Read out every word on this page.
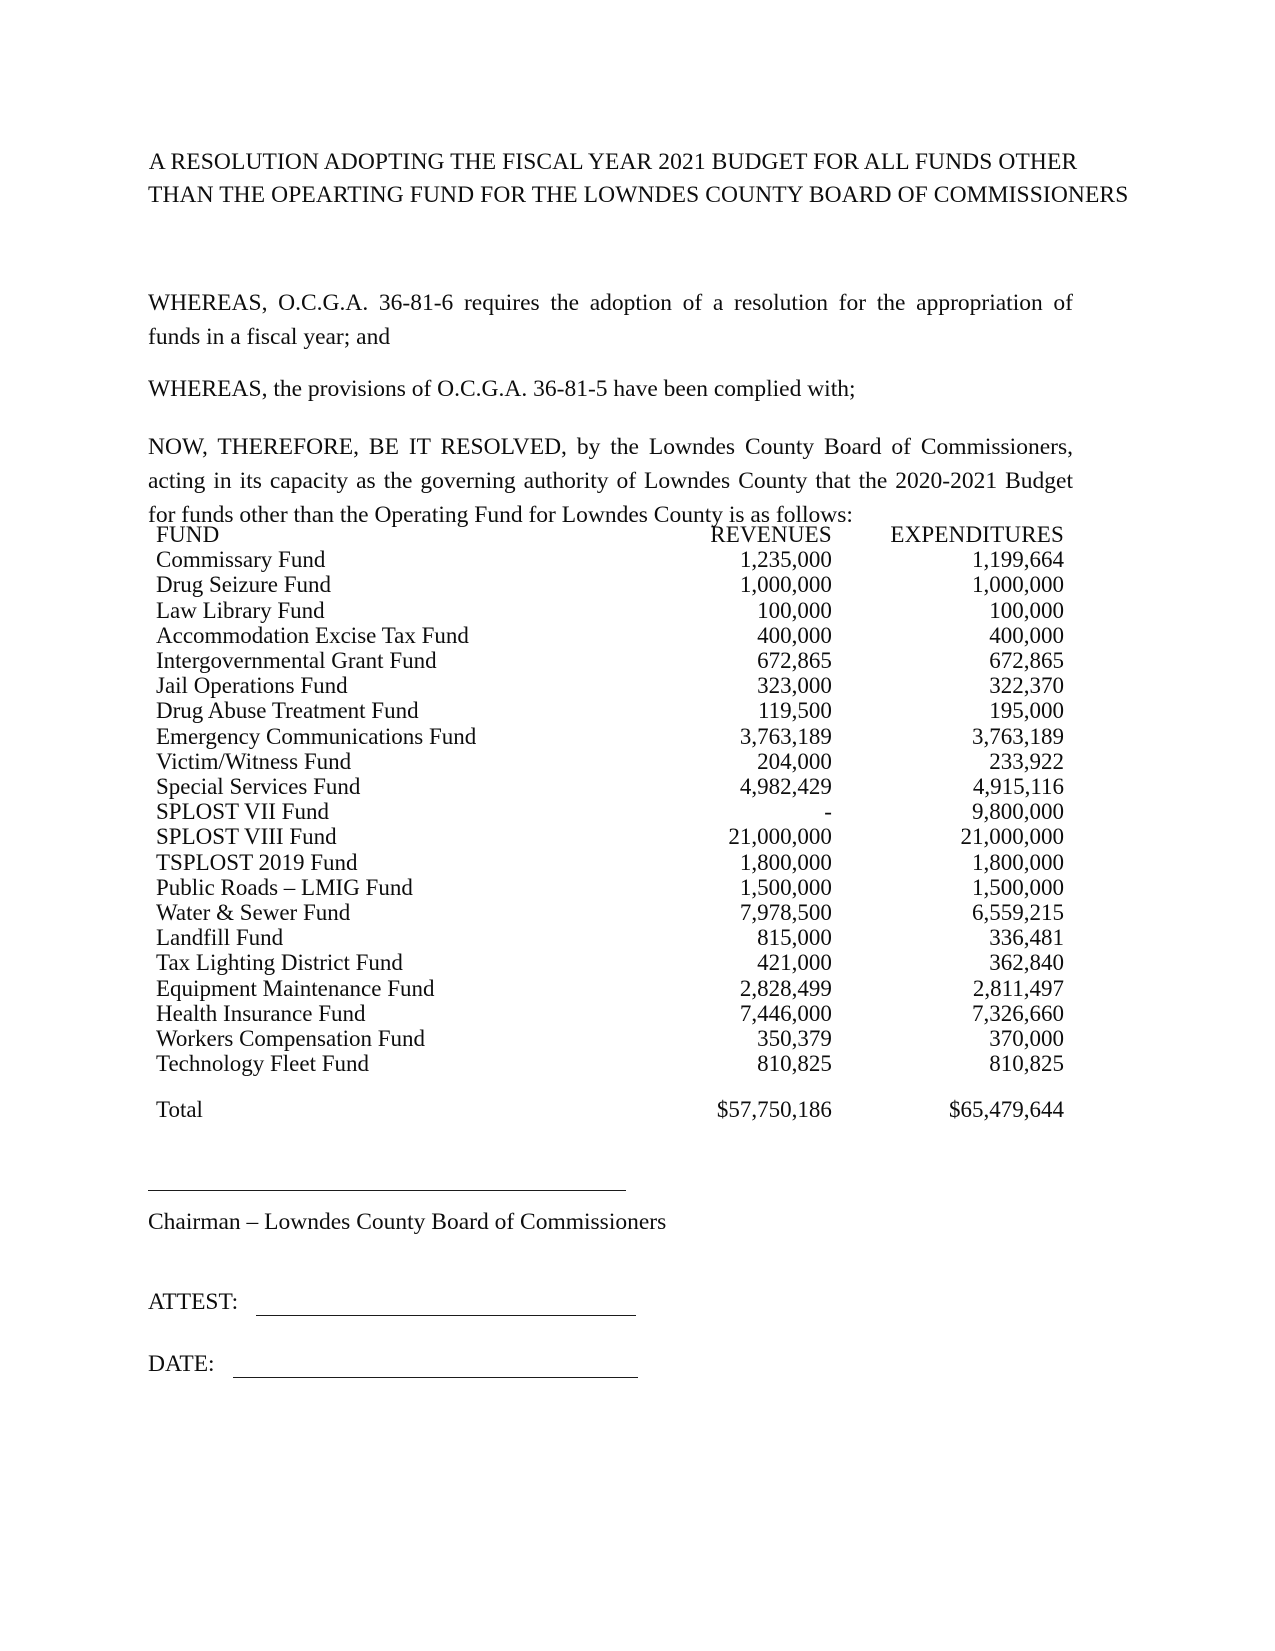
A RESOLUTION ADOPTING THE FISCAL YEAR 2021 BUDGET FOR ALL FUNDS OTHER
THAN THE OPEARTING FUND FOR THE LOWNDES COUNTY BOARD OF COMMISSIONERS

WHEREAS, O.C.G.A. 36-81-6 requires the adoption of a resolution for the appropriation of funds in a fiscal year; and

WHEREAS, the provisions of O.C.G.A. 36-81-5 have been complied with;

NOW, THEREFORE, BE IT RESOLVED, by the Lowndes County Board of Commissioners, acting in its capacity as the governing authority of Lowndes County that the 2020-2021 Budget for funds other than the Operating Fund for Lowndes County is as follows:

FUND	REVENUES	EXPENDITURES
Commissary Fund	1,235,000	1,199,664
Drug Seizure Fund	1,000,000	1,000,000
Law Library Fund	100,000	100,000
Accommodation Excise Tax Fund	400,000	400,000
Intergovernmental Grant Fund	672,865	672,865
Jail Operations Fund	323,000	322,370
Drug Abuse Treatment Fund	119,500	195,000
Emergency Communications Fund	3,763,189	3,763,189
Victim/Witness Fund	204,000	233,922
Special Services Fund	4,982,429	4,915,116
SPLOST VII Fund	-	9,800,000
SPLOST VIII Fund	21,000,000	21,000,000
TSPLOST 2019 Fund	1,800,000	1,800,000
Public Roads – LMIG Fund	1,500,000	1,500,000
Water & Sewer Fund	7,978,500	6,559,215
Landfill Fund	815,000	336,481
Tax Lighting District Fund	421,000	362,840
Equipment Maintenance Fund	2,828,499	2,811,497
Health Insurance Fund	7,446,000	7,326,660
Workers Compensation Fund	350,379	370,000
Technology Fleet Fund	810,825	810,825

Total	$57,750,186	$65,479,644
Chairman – Lowndes County Board of Commissioners
ATTEST:
DATE:
